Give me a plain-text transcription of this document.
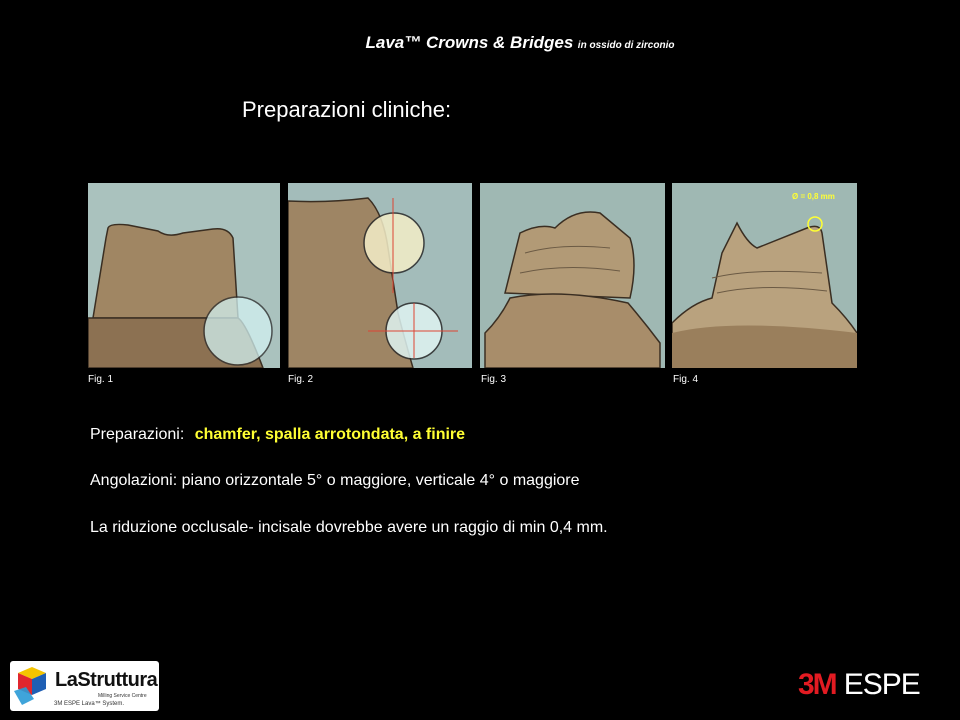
Lava™ Crowns & Bridges in ossido di zirconio
Preparazioni cliniche:
Fig. 1	Fig. 2	Fig. 3
Ø = 0,8 mm
Fig. 4
Preparazioni: chamfer, spalla arrotondata, a finire
Angolazioni: piano orizzontale 5° o maggiore, verticale 4° o maggiore
La riduzione occlusale- incisale dovrebbe avere un raggio di min 0,4 mm.
LaStruttura
Milling Service Centre
3M ESPE Lava™ System.
3M ESPE
